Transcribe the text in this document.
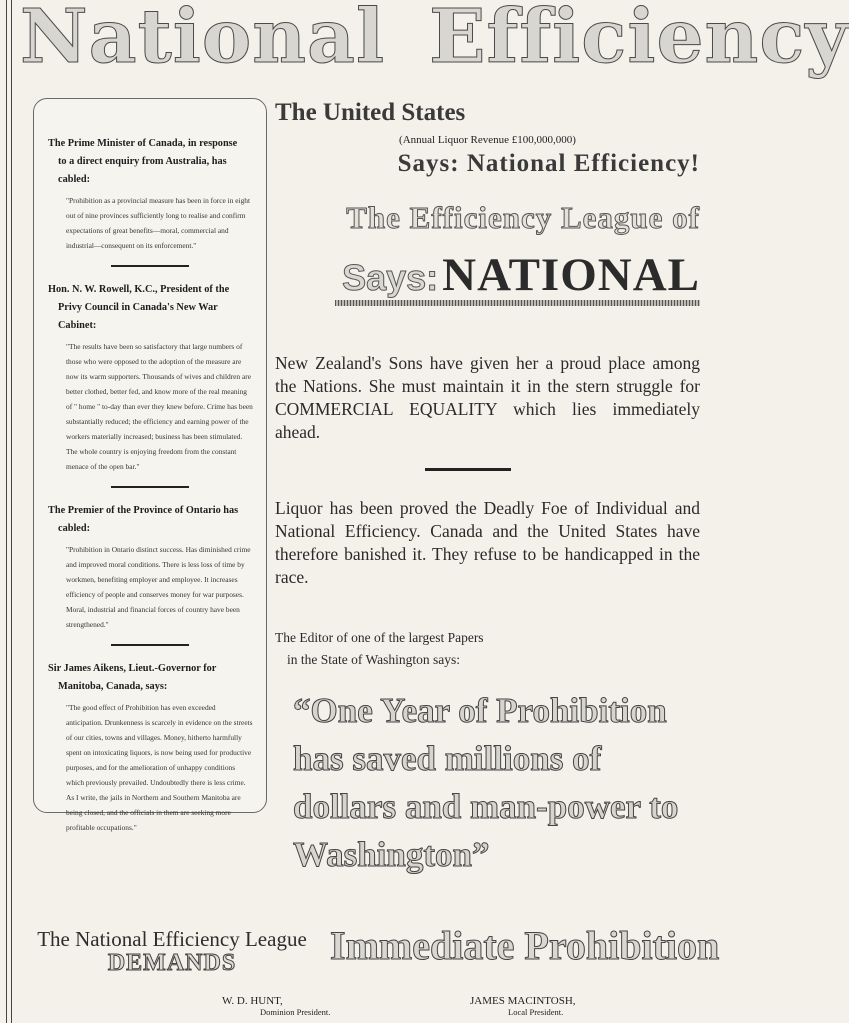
National Efficiency
The Prime Minister of Canada, in response
to a direct enquiry from Australia, has
cabled:
"Prohibition as a provincial measure has been in force in eight out of nine provinces sufficiently long to realise and confirm expectations of great benefits—moral, commercial and industrial—consequent on its enforcement."
Hon. N. W. Rowell, K.C., President of the
Privy Council in Canada's New War
Cabinet:
"The results have been so satisfactory that large numbers of those who were opposed to the adoption of the measure are now its warm supporters. Thousands of wives and children are better clothed, better fed, and know more of the real meaning of " home " to-day than ever they knew before. Crime has been substantially reduced; the efficiency and earning power of the workers materially increased; business has been stimulated. The whole country is enjoying freedom from the constant menace of the open bar."
The Premier of the Province of Ontario has
cabled:
"Prohibition in Ontario distinct success. Has diminished crime and improved moral conditions. There is less loss of time by workmen, benefiting employer and employee. It increases efficiency of people and conserves money for war purposes. Moral, industrial and financial forces of country have been strengthened."
Sir James Aikens, Lieut.-Governor for
Manitoba, Canada, says:
"The good effect of Prohibition has even exceeded anticipation. Drunkenness is scarcely in evidence on the streets of our cities, towns and villages. Money, hitherto harmfully spent on intoxicating liquors, is now being used for productive purposes, and for the amelioration of unhappy conditions which previously prevailed. Undoubtedly there is less crime. As I write, the jails in Northern and Southern Manitoba are being closed, and the officials in them are seeking more profitable occupations."
The United States
(Annual Liquor Revenue £100,000,000)
Says: National Efficiency!
The Efficiency League of
Says: NATIONAL

New Zealand's Sons have given her a proud place among the Nations. She must maintain it in the stern struggle for COMMERCIAL EQUALITY which lies immediately ahead.

Liquor has been proved the Deadly Foe of Individual and National Efficiency. Canada and the United States have therefore banished it. They refuse to be handicapped in the race.

The Editor of one of the largest Papers
in the State of Washington says:
“One Year of Prohibition has saved millions of dollars and man-power to Washington”
The National Efficiency League
DEMANDS	Immediate Prohibition
W. D. HUNT,
Dominion President.
JAMES MACINTOSH,
Local President.
